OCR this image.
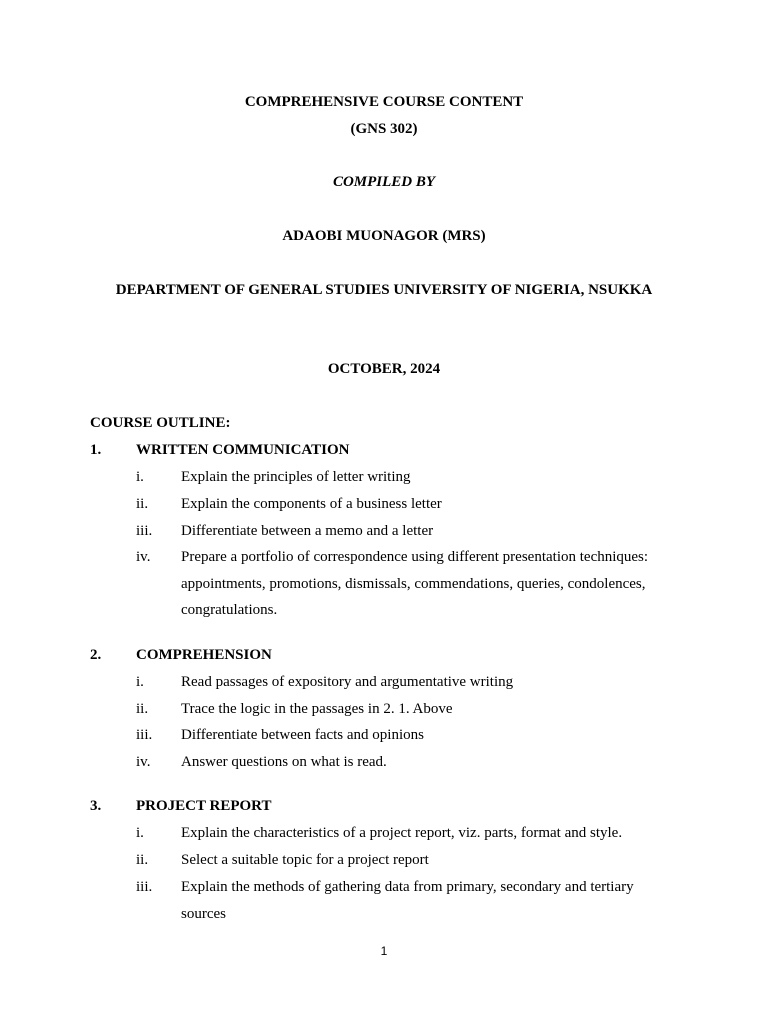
COMPREHENSIVE COURSE CONTENT
(GNS 302)
COMPILED BY
ADAOBI MUONAGOR (MRS)
DEPARTMENT OF GENERAL STUDIES UNIVERSITY OF NIGERIA, NSUKKA
OCTOBER, 2024
COURSE OUTLINE:
1. WRITTEN COMMUNICATION
i. Explain the principles of letter writing
ii. Explain the components of a business letter
iii. Differentiate between a memo and a letter
iv. Prepare a portfolio of correspondence using different presentation techniques: appointments, promotions, dismissals, commendations, queries, condolences, congratulations.
2. COMPREHENSION
i. Read passages of expository and argumentative writing
ii. Trace the logic in the passages in 2. 1. Above
iii. Differentiate between facts and opinions
iv. Answer questions on what is read.
3. PROJECT REPORT
i. Explain the characteristics of a project report, viz. parts, format and style.
ii. Select a suitable topic for a project report
iii. Explain the methods of gathering data from primary, secondary and tertiary sources
1
